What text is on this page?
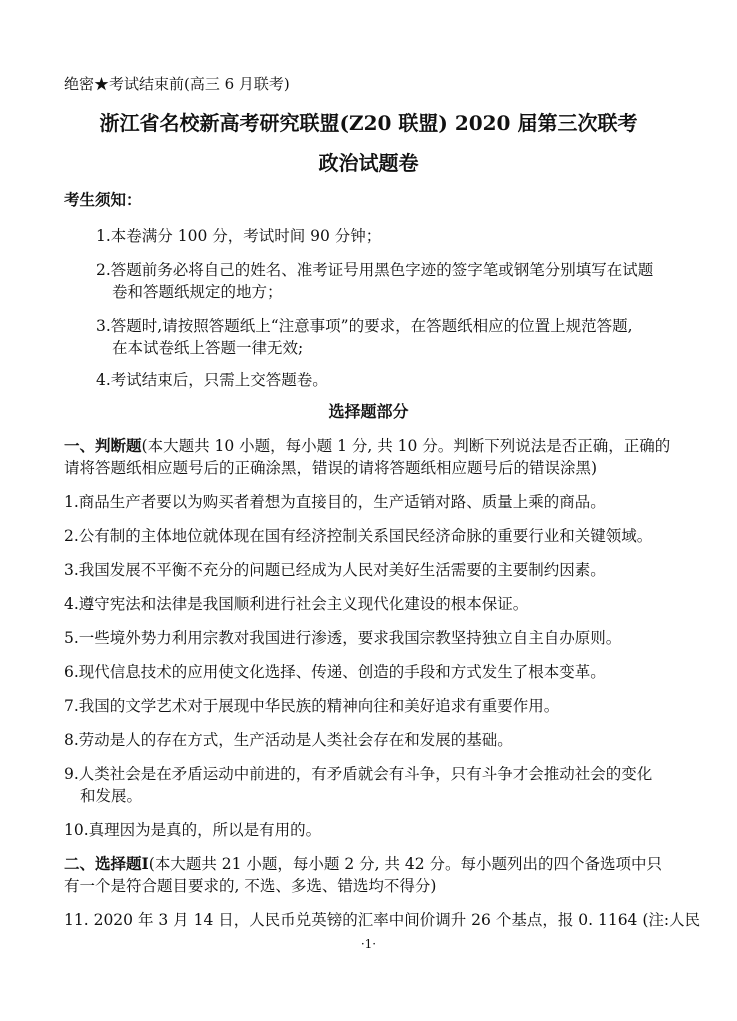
绝密★考试结束前(高三 6 月联考)
浙江省名校新高考研究联盟(Z20 联盟) 2020 届第三次联考
政治试题卷
考生须知：
1.本卷满分 100 分，考试时间 90 分钟；
2.答题前务必将自己的姓名、准考证号用黑色字迹的签字笔或钢笔分别填写在试题
卷和答题纸规定的地方；
3.答题时,请按照答题纸上“注意事项”的要求，在答题纸相应的位置上规范答题,
在本试卷纸上答题一律无效;
4.考试结束后，只需上交答题卷。
选择题部分
一、判断题(本大题共 10 小题，每小题 1 分, 共 10 分。判断下列说法是否正确，正确的
请将答题纸相应题号后的正确涂黑，错误的请将答题纸相应题号后的错误涂黑)
1.商品生产者要以为购买者着想为直接目的，生产适销对路、质量上乘的商品。
2.公有制的主体地位就体现在国有经济控制关系国民经济命脉的重要行业和关键领域。
3.我国发展不平衡不充分的问题已经成为人民对美好生活需要的主要制约因素。
4.遵守宪法和法律是我国顺利进行社会主义现代化建设的根本保证。
5.一些境外势力利用宗教对我国进行渗透，要求我国宗教坚持独立自主自办原则。
6.现代信息技术的应用使文化选择、传递、创造的手段和方式发生了根本变革。
7.我国的文学艺术对于展现中华民族的精神向往和美好追求有重要作用。
8.劳动是人的存在方式，生产活动是人类社会存在和发展的基础。
9.人类社会是在矛盾运动中前进的，有矛盾就会有斗争，只有斗争才会推动社会的变化
和发展。
10.真理因为是真的，所以是有用的。
二、选择题Ⅰ(本大题共 21 小题，每小题 2 分, 共 42 分。每小题列出的四个备选项中只
有一个是符合题目要求的, 不选、多选、错选均不得分)
11. 2020 年 3 月 14 日，人民币兑英镑的汇率中间价调升 26 个基点，报 0. 1164 (注:人民
·1·
